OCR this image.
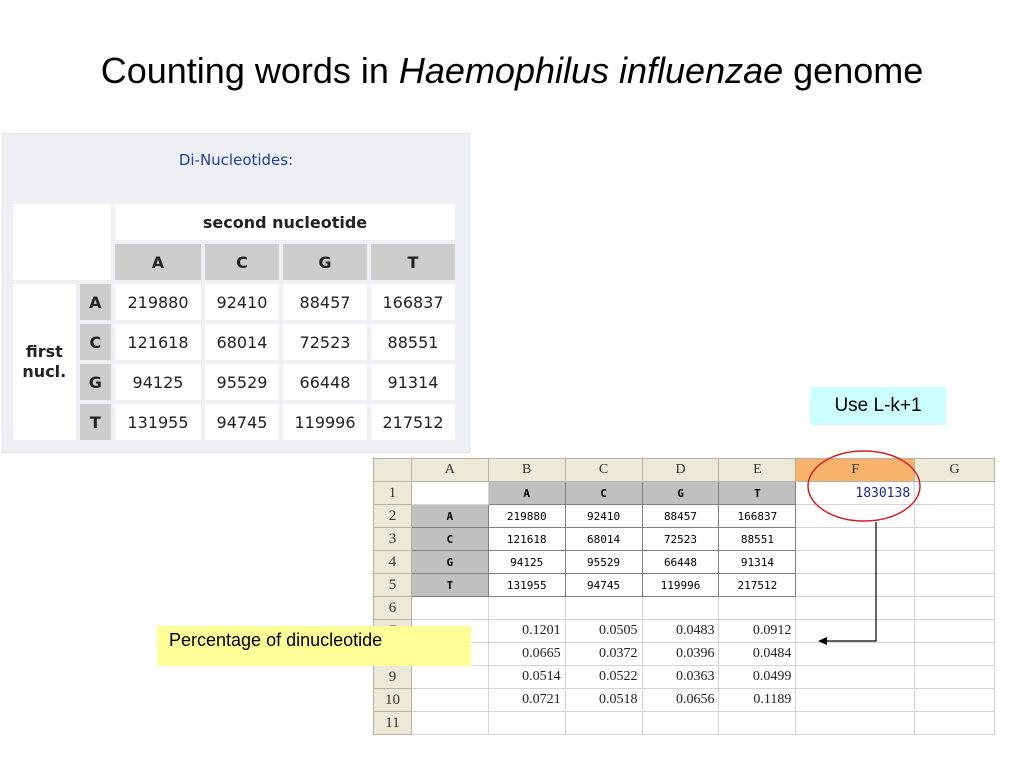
Counting words in Haemophilus influenzae genome
Di-Nucleotides:
		second nucleotide			
		A	C	G	T
first
nucl.	A	219880	92410	88457	166837
	C	121618	68014	72523	88551
	G	94125	95529	66448	91314
	T	131955	94745	119996	217512
Use L-k+1
	A	B	C	D	E	F	G
1		A	C	G	T	1830138	
2	A	219880	92410	88457	166837		
3	C	121618	68014	72523	88551		
4	G	94125	95529	66448	91314		
5	T	131955	94745	119996	217512		
6							
		0.1201	0.0505	0.0483	0.0912		
		0.0665	0.0372	0.0396	0.0484		
9		0.0514	0.0522	0.0363	0.0499		
10		0.0721	0.0518	0.0656	0.1189		
11							
Percentage of dinucleotide
